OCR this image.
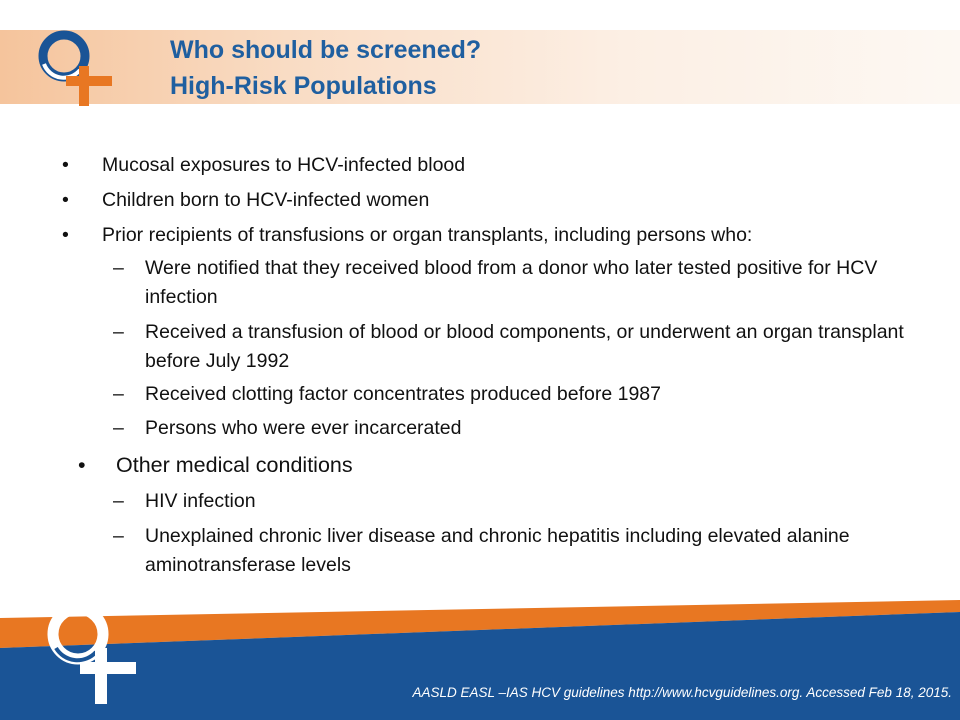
Who should be screened?
High-Risk Populations
• Mucosal exposures to HCV-infected blood
• Children born to HCV-infected women
• Prior recipients of transfusions or organ transplants, including persons who:
– Were notified that they received blood from a donor who later tested positive for HCV infection
– Received a transfusion of blood or blood components, or underwent an organ transplant before July 1992
– Received clotting factor concentrates produced before 1987
– Persons who were ever incarcerated
• Other medical conditions
– HIV infection
– Unexplained chronic liver disease and chronic hepatitis including elevated alanine aminotransferase levels
AASLD EASL –IAS HCV guidelines http://www.hcvguidelines.org. Accessed Feb 18, 2015.
